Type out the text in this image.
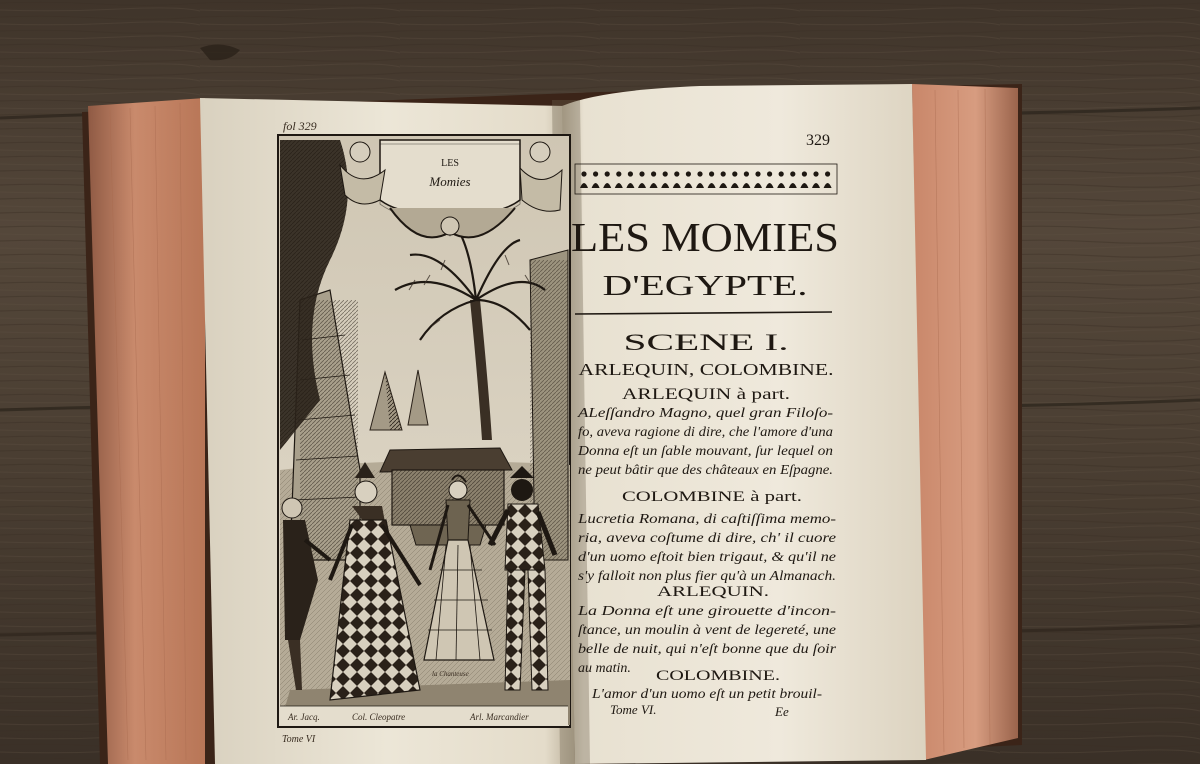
LES
Momies
Ar. Jacq.	Col. Cleopatre	Arl. Marcandier
la Chanteuse
fol 329
Tome VI
329
LES MOMIES
D'EGYPTE.
SCENE I.
ARLEQUIN, COLOMBINE.
ARLEQUIN à part.
ALeſſandro Magno, quel gran Filoſo-
fo, aveva ragione di dire, che l'amore d'una
Donna eſt un ſable mouvant, ſur lequel on
ne peut bâtir que des châteaux en Eſpagne.
COLOMBINE à part.
Lucretia Romana, di caſtiſſima memo-
ria, aveva coſtume di dire, ch' il cuore
d'un uomo eſtoit bien trigaut, & qu'il ne
s'y falloit non plus fier qu'à un Almanach.
ARLEQUIN.
La Donna eſt une girouette d'incon-
ſtance, un moulin à vent de legereté, une
belle de nuit, qui n'eſt bonne que du ſoir
au matin. COLOMBINE.
L'amor d'un uomo eſt un petit brouil-
Tome VI.	Ee
